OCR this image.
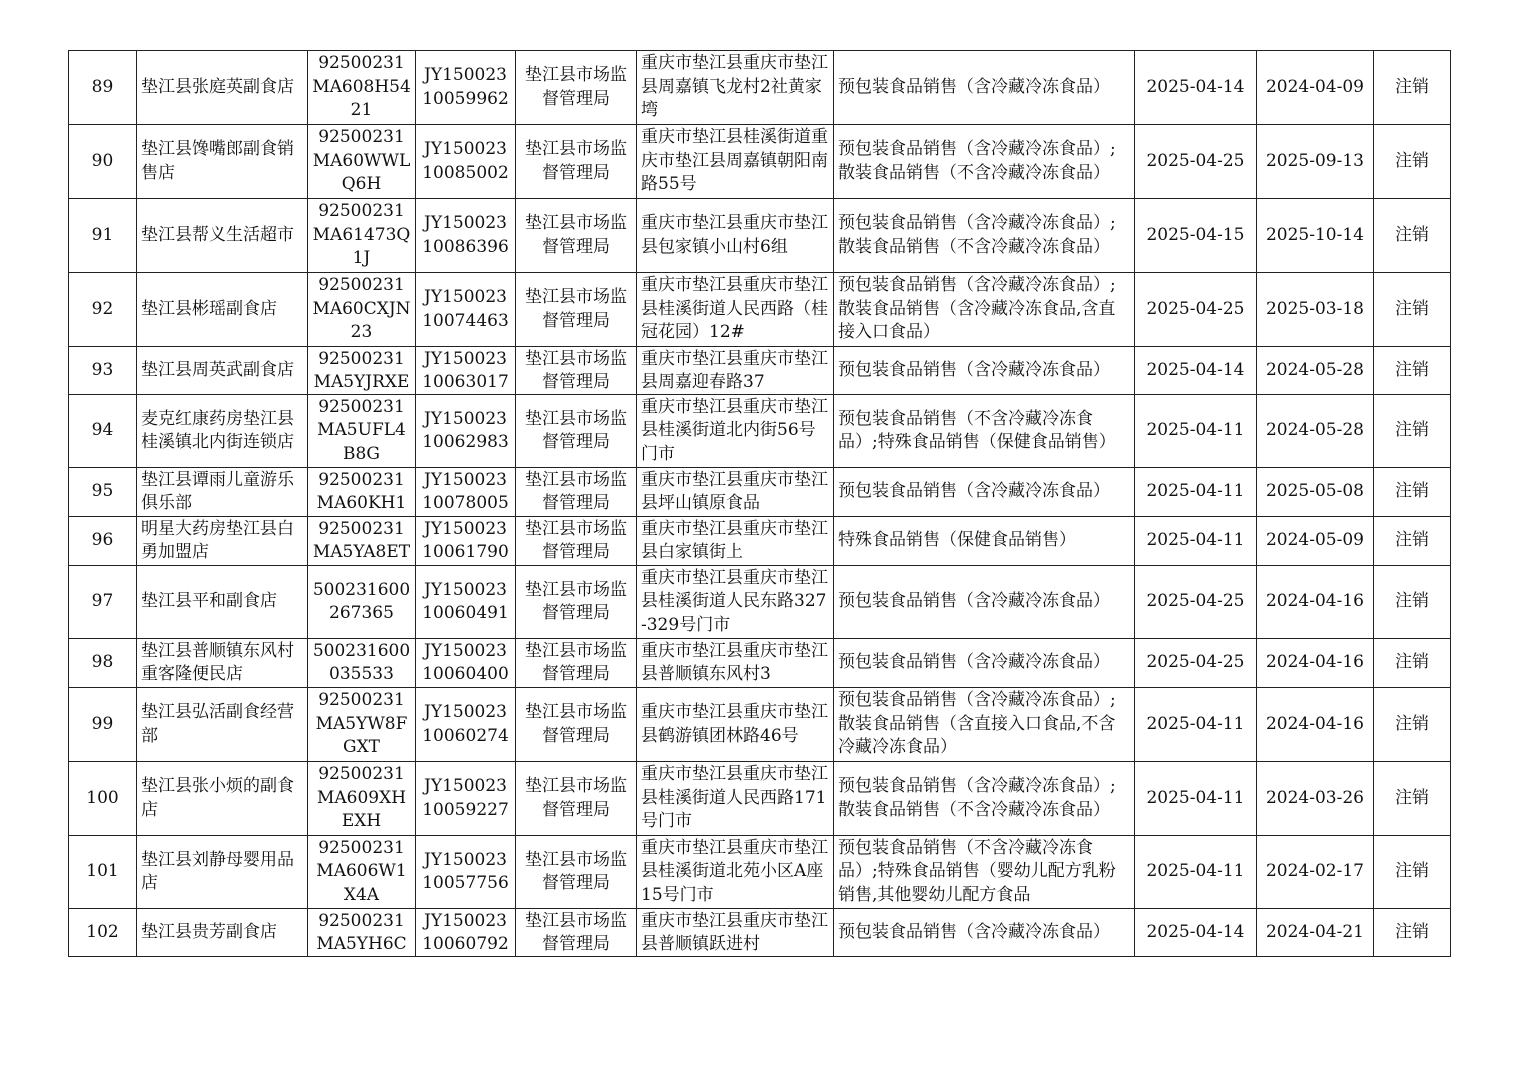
89	垫江县张庭英副食店	92500231MA608H5421	JY15002310059962	垫江县市场监督管理局	重庆市垫江县重庆市垫江县周嘉镇飞龙村2社黄家塆	预包装食品销售（含冷藏冷冻食品）	2025-04-14	2024-04-09	注销

90	垫江县馋嘴郎副食销售店	92500231MA60WWLQ6H	JY15002310085002	垫江县市场监督管理局	重庆市垫江县桂溪街道重庆市垫江县周嘉镇朝阳南路55号	预包装食品销售（含冷藏冷冻食品）;散装食品销售（不含冷藏冷冻食品）	2025-04-25	2025-09-13	注销

91	垫江县帮义生活超市	92500231MA61473Q1J	JY15002310086396	垫江县市场监督管理局	重庆市垫江县重庆市垫江县包家镇小山村6组	预包装食品销售（含冷藏冷冻食品）;散装食品销售（不含冷藏冷冻食品）	2025-04-15	2025-10-14	注销

92	垫江县彬瑶副食店	92500231MA60CXJN23	JY15002310074463	垫江县市场监督管理局	重庆市垫江县重庆市垫江县桂溪街道人民西路（桂冠花园）12#	预包装食品销售（含冷藏冷冻食品）;散装食品销售（含冷藏冷冻食品,含直接入口食品）	2025-04-25	2025-03-18	注销

93	垫江县周英武副食店	92500231MA5YJRXE	JY15002310063017	垫江县市场监督管理局	重庆市垫江县重庆市垫江县周嘉迎春路37	预包装食品销售（含冷藏冷冻食品）	2025-04-14	2024-05-28	注销

94	麦克红康药房垫江县桂溪镇北内街连锁店	92500231MA5UFL4B8G	JY15002310062983	垫江县市场监督管理局	重庆市垫江县重庆市垫江县桂溪街道北内街56号门市	预包装食品销售（不含冷藏冷冻食品）;特殊食品销售（保健食品销售）	2025-04-11	2024-05-28	注销

95	垫江县谭雨儿童游乐俱乐部	92500231MA60KH1	JY15002310078005	垫江县市场监督管理局	重庆市垫江县重庆市垫江县坪山镇原食品	预包装食品销售（含冷藏冷冻食品）	2025-04-11	2025-05-08	注销

96	明星大药房垫江县白勇加盟店	92500231MA5YA8ET	JY15002310061790	垫江县市场监督管理局	重庆市垫江县重庆市垫江县白家镇街上	特殊食品销售（保健食品销售）	2025-04-11	2024-05-09	注销

97	垫江县平和副食店	500231600267365	JY15002310060491	垫江县市场监督管理局	重庆市垫江县重庆市垫江县桂溪街道人民东路327-329号门市	预包装食品销售（含冷藏冷冻食品）	2025-04-25	2024-04-16	注销

98	垫江县普顺镇东风村重客隆便民店	500231600035533	JY15002310060400	垫江县市场监督管理局	重庆市垫江县重庆市垫江县普顺镇东风村3	预包装食品销售（含冷藏冷冻食品）	2025-04-25	2024-04-16	注销

99	垫江县弘活副食经营部	92500231MA5YW8FGXT	JY15002310060274	垫江县市场监督管理局	重庆市垫江县重庆市垫江县鹤游镇团林路46号	预包装食品销售（含冷藏冷冻食品）;散装食品销售（含直接入口食品,不含冷藏冷冻食品）	2025-04-11	2024-04-16	注销

100	垫江县张小烦的副食店	92500231MA609XHEXH	JY15002310059227	垫江县市场监督管理局	重庆市垫江县重庆市垫江县桂溪街道人民西路171号门市	预包装食品销售（含冷藏冷冻食品）;散装食品销售（不含冷藏冷冻食品）	2025-04-11	2024-03-26	注销

101	垫江县刘静母婴用品店	92500231MA606W1X4A	JY15002310057756	垫江县市场监督管理局	重庆市垫江县重庆市垫江县桂溪街道北苑小区A座15号门市	预包装食品销售（不含冷藏冷冻食品）;特殊食品销售（婴幼儿配方乳粉销售,其他婴幼儿配方食品	2025-04-11	2024-02-17	注销

102	垫江县贵芳副食店	92500231MA5YH6C	JY15002310060792	垫江县市场监督管理局	重庆市垫江县重庆市垫江县普顺镇跃进村	预包装食品销售（含冷藏冷冻食品）	2025-04-14	2024-04-21	注销
